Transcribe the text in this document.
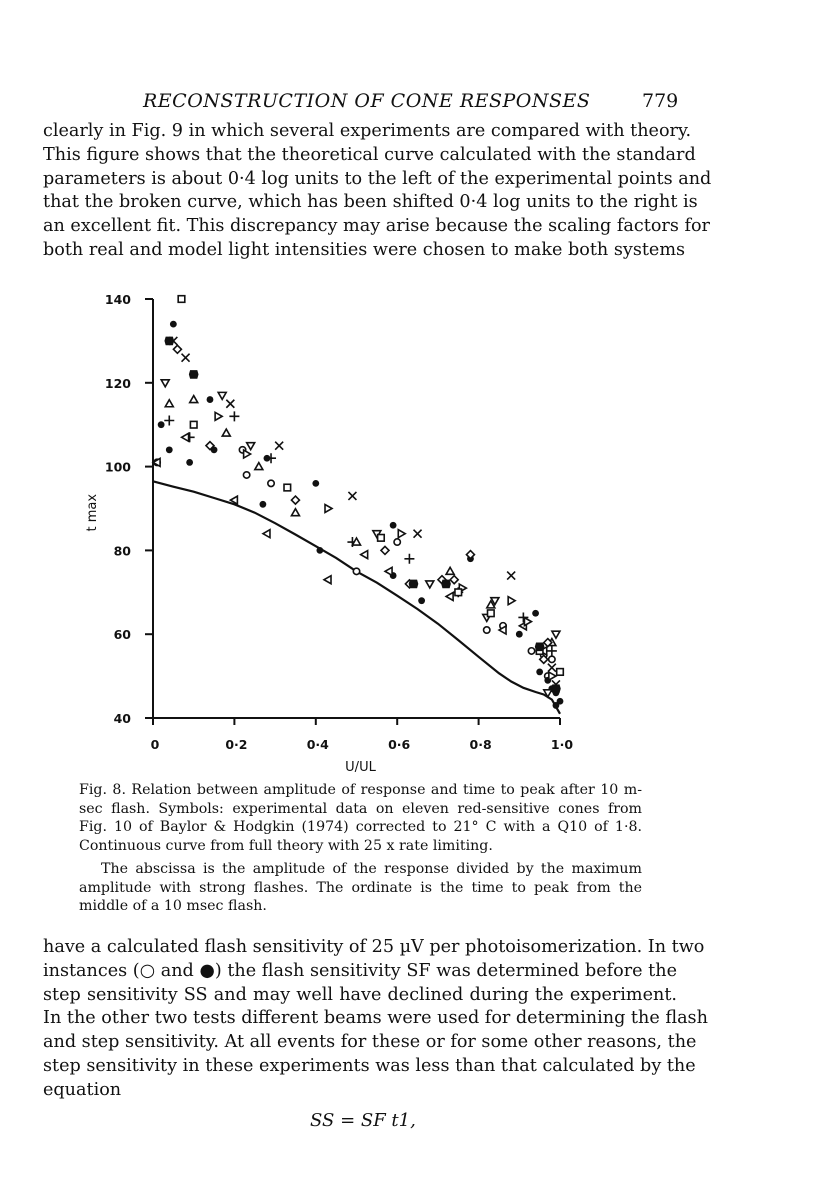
RECONSTRUCTION OF CONE RESPONSES	779
clearly in Fig. 9 in which several experiments are compared with theory.
This figure shows that the theoretical curve calculated with the standard
parameters is about 0·4 log units to the left of the experimental points and
that the broken curve, which has been shifted 0·4 log units to the right is
an excellent fit. This discrepancy may arise because the scaling factors for
both real and model light intensities were chosen to make both systems
0	0·2	0·4	0·6	0·8	1·0
40
60
80
100
120
140
U/UL
t max
Fig. 8. Relation between amplitude of response and time to peak after 10 m-
sec flash. Symbols: experimental data on eleven red-sensitive cones from
Fig. 10 of Baylor & Hodgkin (1974) corrected to 21° C with a Q10 of 1·8.
Continuous curve from full theory with 25 x rate limiting.
The abscissa is the amplitude of the response divided by the maximum
amplitude with strong flashes. The ordinate is the time to peak from the
middle of a 10 msec flash.
have a calculated flash sensitivity of 25 µV per photoisomerization. In two
instances (○ and ●) the flash sensitivity SF was determined before the
step sensitivity SS and may well have declined during the experiment.
In the other two tests different beams were used for determining the flash
and step sensitivity. At all events for these or for some other reasons, the
step sensitivity in these experiments was less than that calculated by the
equation
SS = SF t1,
